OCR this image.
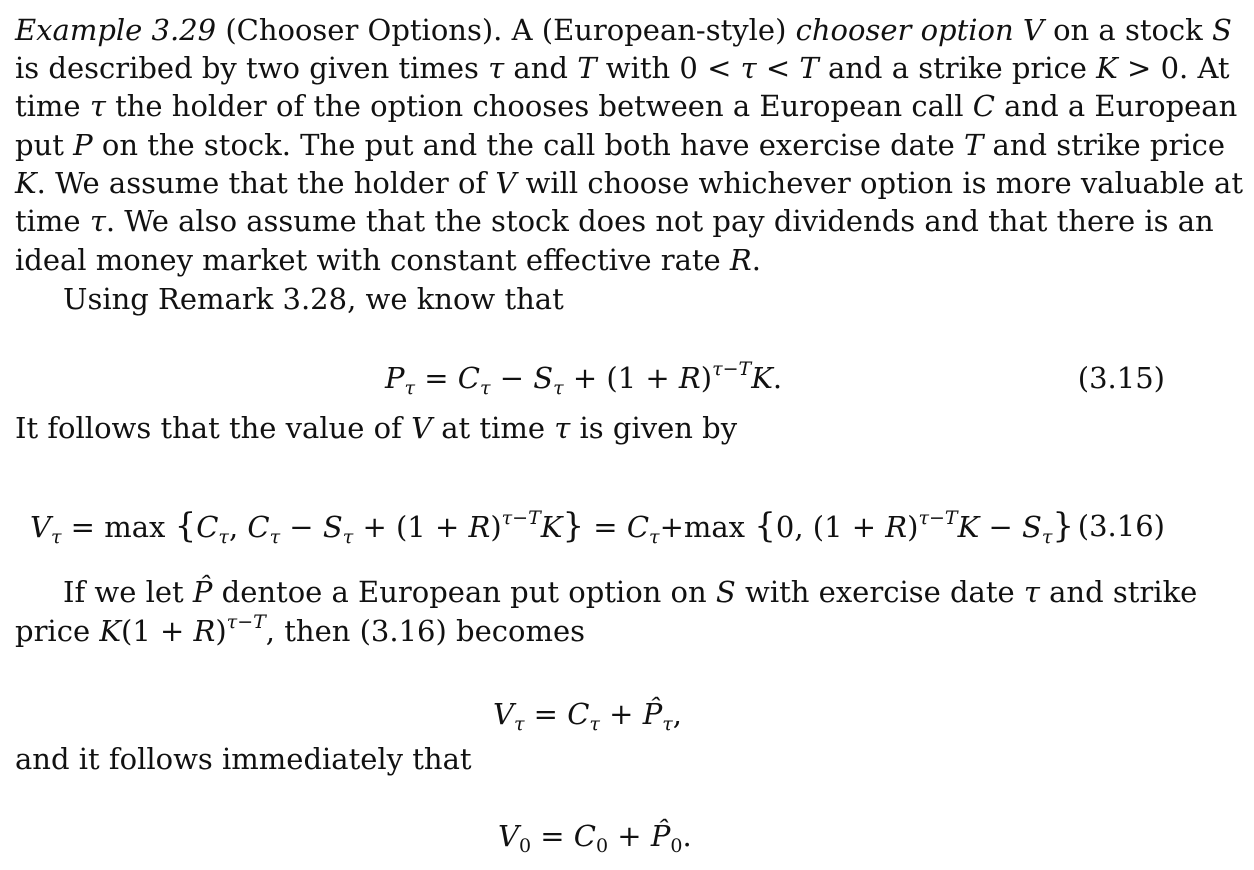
Example 3.29 (Chooser Options). A (European-style) chooser option V on a stock S
is described by two given times τ and T with 0 < τ < T and a strike price K > 0. At
time τ the holder of the option chooses between a European call C and a European
put P on the stock. The put and the call both have exercise date T and strike price
K. We assume that the holder of V will choose whichever option is more valuable at
time τ. We also assume that the stock does not pay dividends and that there is an
ideal money market with constant effective rate R.
Using Remark 3.28, we know that
$P_\tau = C_\tau - S_\tau + (1 + R)^{\tau-T}K$.	(3.15)
It follows that the value of V at time τ is given by
$V_\tau = \max \{C_\tau$, $C_\tau - S_\tau + (1 + R)^{\tau-T}K\} = C_\tau+\max$ {0, $(1 + R)^{\tau-T}K - S_\tau$} (3.16)
If we let P̂ dentoe a European put option on S with exercise date τ and strike
price $K(1 + R)^{\tau-T}$, then (3.16) becomes
$V_\tau = C_\tau$ + $P̂_\tau$,
and it follows immediately that
$V_0 = C_0$ + $P̂_0$.
